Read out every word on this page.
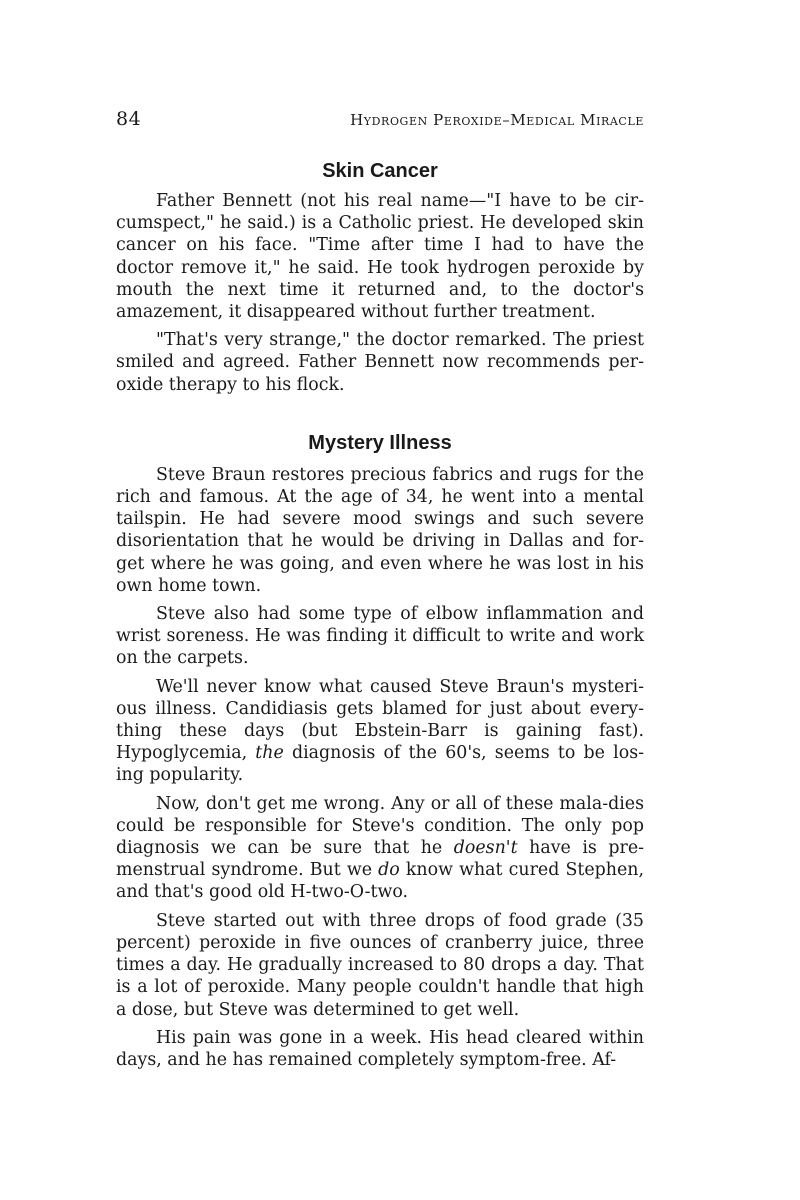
84	Hydrogen Peroxide–Medical Miracle
Skin Cancer

Father Bennett (not his real name—"I have to be cir-cumspect," he said.) is a Catholic priest. He developed skin cancer on his face. "Time after time I had to have the doctor remove it," he said. He took hydrogen peroxide by mouth the next time it returned and, to the doctor's amazement, it disappeared without further treatment.

"That's very strange," the doctor remarked. The priest smiled and agreed. Father Bennett now recommends per-oxide therapy to his flock.

Mystery Illness

Steve Braun restores precious fabrics and rugs for the rich and famous. At the age of 34, he went into a mental tailspin. He had severe mood swings and such severe disorientation that he would be driving in Dallas and for-get where he was going, and even where he was lost in his own home town.

Steve also had some type of elbow inflammation and wrist soreness. He was finding it difficult to write and work on the carpets.

We'll never know what caused Steve Braun's mysteri-ous illness. Candidiasis gets blamed for just about every-thing these days (but Ebstein-Barr is gaining fast). Hypoglycemia, the diagnosis of the 60's, seems to be los-ing popularity.

Now, don't get me wrong. Any or all of these mala-dies could be responsible for Steve's condition. The only pop diagnosis we can be sure that he doesn't have is pre-menstrual syndrome. But we do know what cured Stephen, and that's good old H-two-O-two.

Steve started out with three drops of food grade (35 percent) peroxide in five ounces of cranberry juice, three times a day. He gradually increased to 80 drops a day. That is a lot of peroxide. Many people couldn't handle that high a dose, but Steve was determined to get well.

His pain was gone in a week. His head cleared within days, and he has remained completely symptom-free. Af-
